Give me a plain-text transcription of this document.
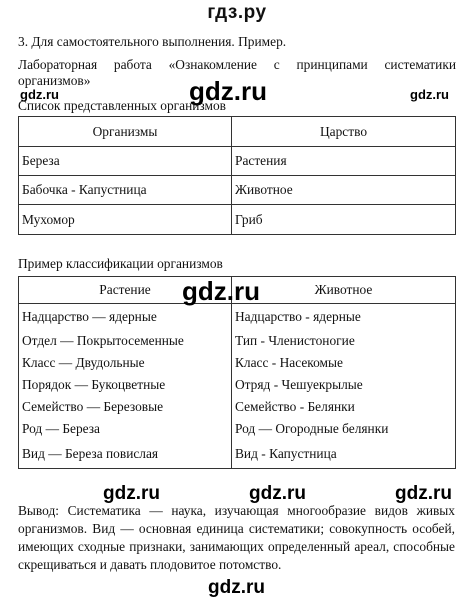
гдз.ру
3. Для самостоятельного выполнения. Пример.
Лабораторная работа «Ознакомление с принципами систематики
организмов»	gdz.ru
gdz.ru	gdz.ru
Список представленных организмов
Организмы	Царство
Береза	Растения
Бабочка - Капустница	Животное
Мухомор	Гриб
Пример классификации организмов
Растение	Животное
Надцарство — ядерные	Надцарство - ядерные
Отдел — Покрытосеменные	Тип - Членистоногие
Класс — Двудольные	Класс - Насекомые
Порядок — Букоцветные	Отряд - Чешуекрылые
Семейство — Березовые	Семейство - Белянки
Род — Береза	Род — Огородные белянки
Вид — Береза повислая	Вид - Капустница
gdz.ru

Вывод: Систематика — наука, изучающая многообразие видов живых организмов. Вид — основная единица систематики; совокупность особей, имеющих сходные признаки, занимающих определенный ареал, способные скрещиваться и давать плодовитое потомство.

gdz.ru	gdz.ru	gdz.ru
gdz.ru
